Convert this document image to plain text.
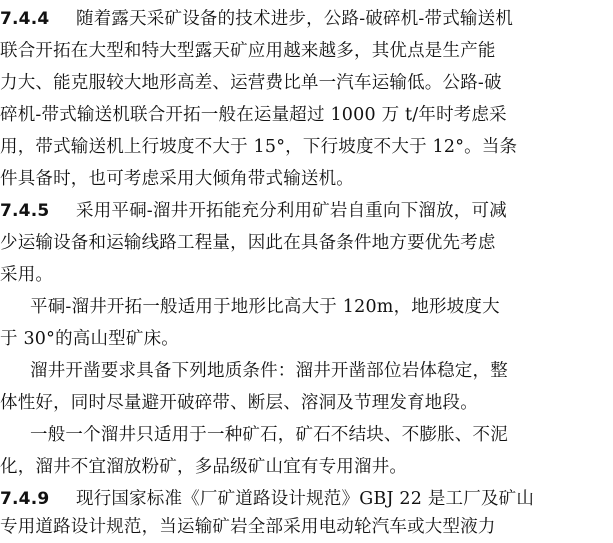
7.4.4 随着露天采矿设备的技术进步，公路-破碎机-带式输送机
联合开拓在大型和特大型露天矿应用越来越多，其优点是生产能
力大、能克服较大地形高差、运营费比单一汽车运输低。公路-破
碎机-带式输送机联合开拓一般在运量超过 1000 万 t/年时考虑采
用，带式输送机上行坡度不大于 15°，下行坡度不大于 12°。当条
件具备时，也可考虑采用大倾角带式输送机。
7.4.5 采用平硐-溜井开拓能充分利用矿岩自重向下溜放，可减
少运输设备和运输线路工程量，因此在具备条件地方要优先考虑
采用。
平硐-溜井开拓一般适用于地形比高大于 120m，地形坡度大
于 30°的高山型矿床。
溜井开凿要求具备下列地质条件：溜井开凿部位岩体稳定，整
体性好，同时尽量避开破碎带、断层、溶洞及节理发育地段。
一般一个溜井只适用于一种矿石，矿石不结块、不膨胀、不泥
化，溜井不宜溜放粉矿，多品级矿山宜有专用溜井。
7.4.9 现行国家标准《厂矿道路设计规范》GBJ 22 是工厂及矿山
专用道路设计规范，当运输矿岩全部采用电动轮汽车或大型液力
